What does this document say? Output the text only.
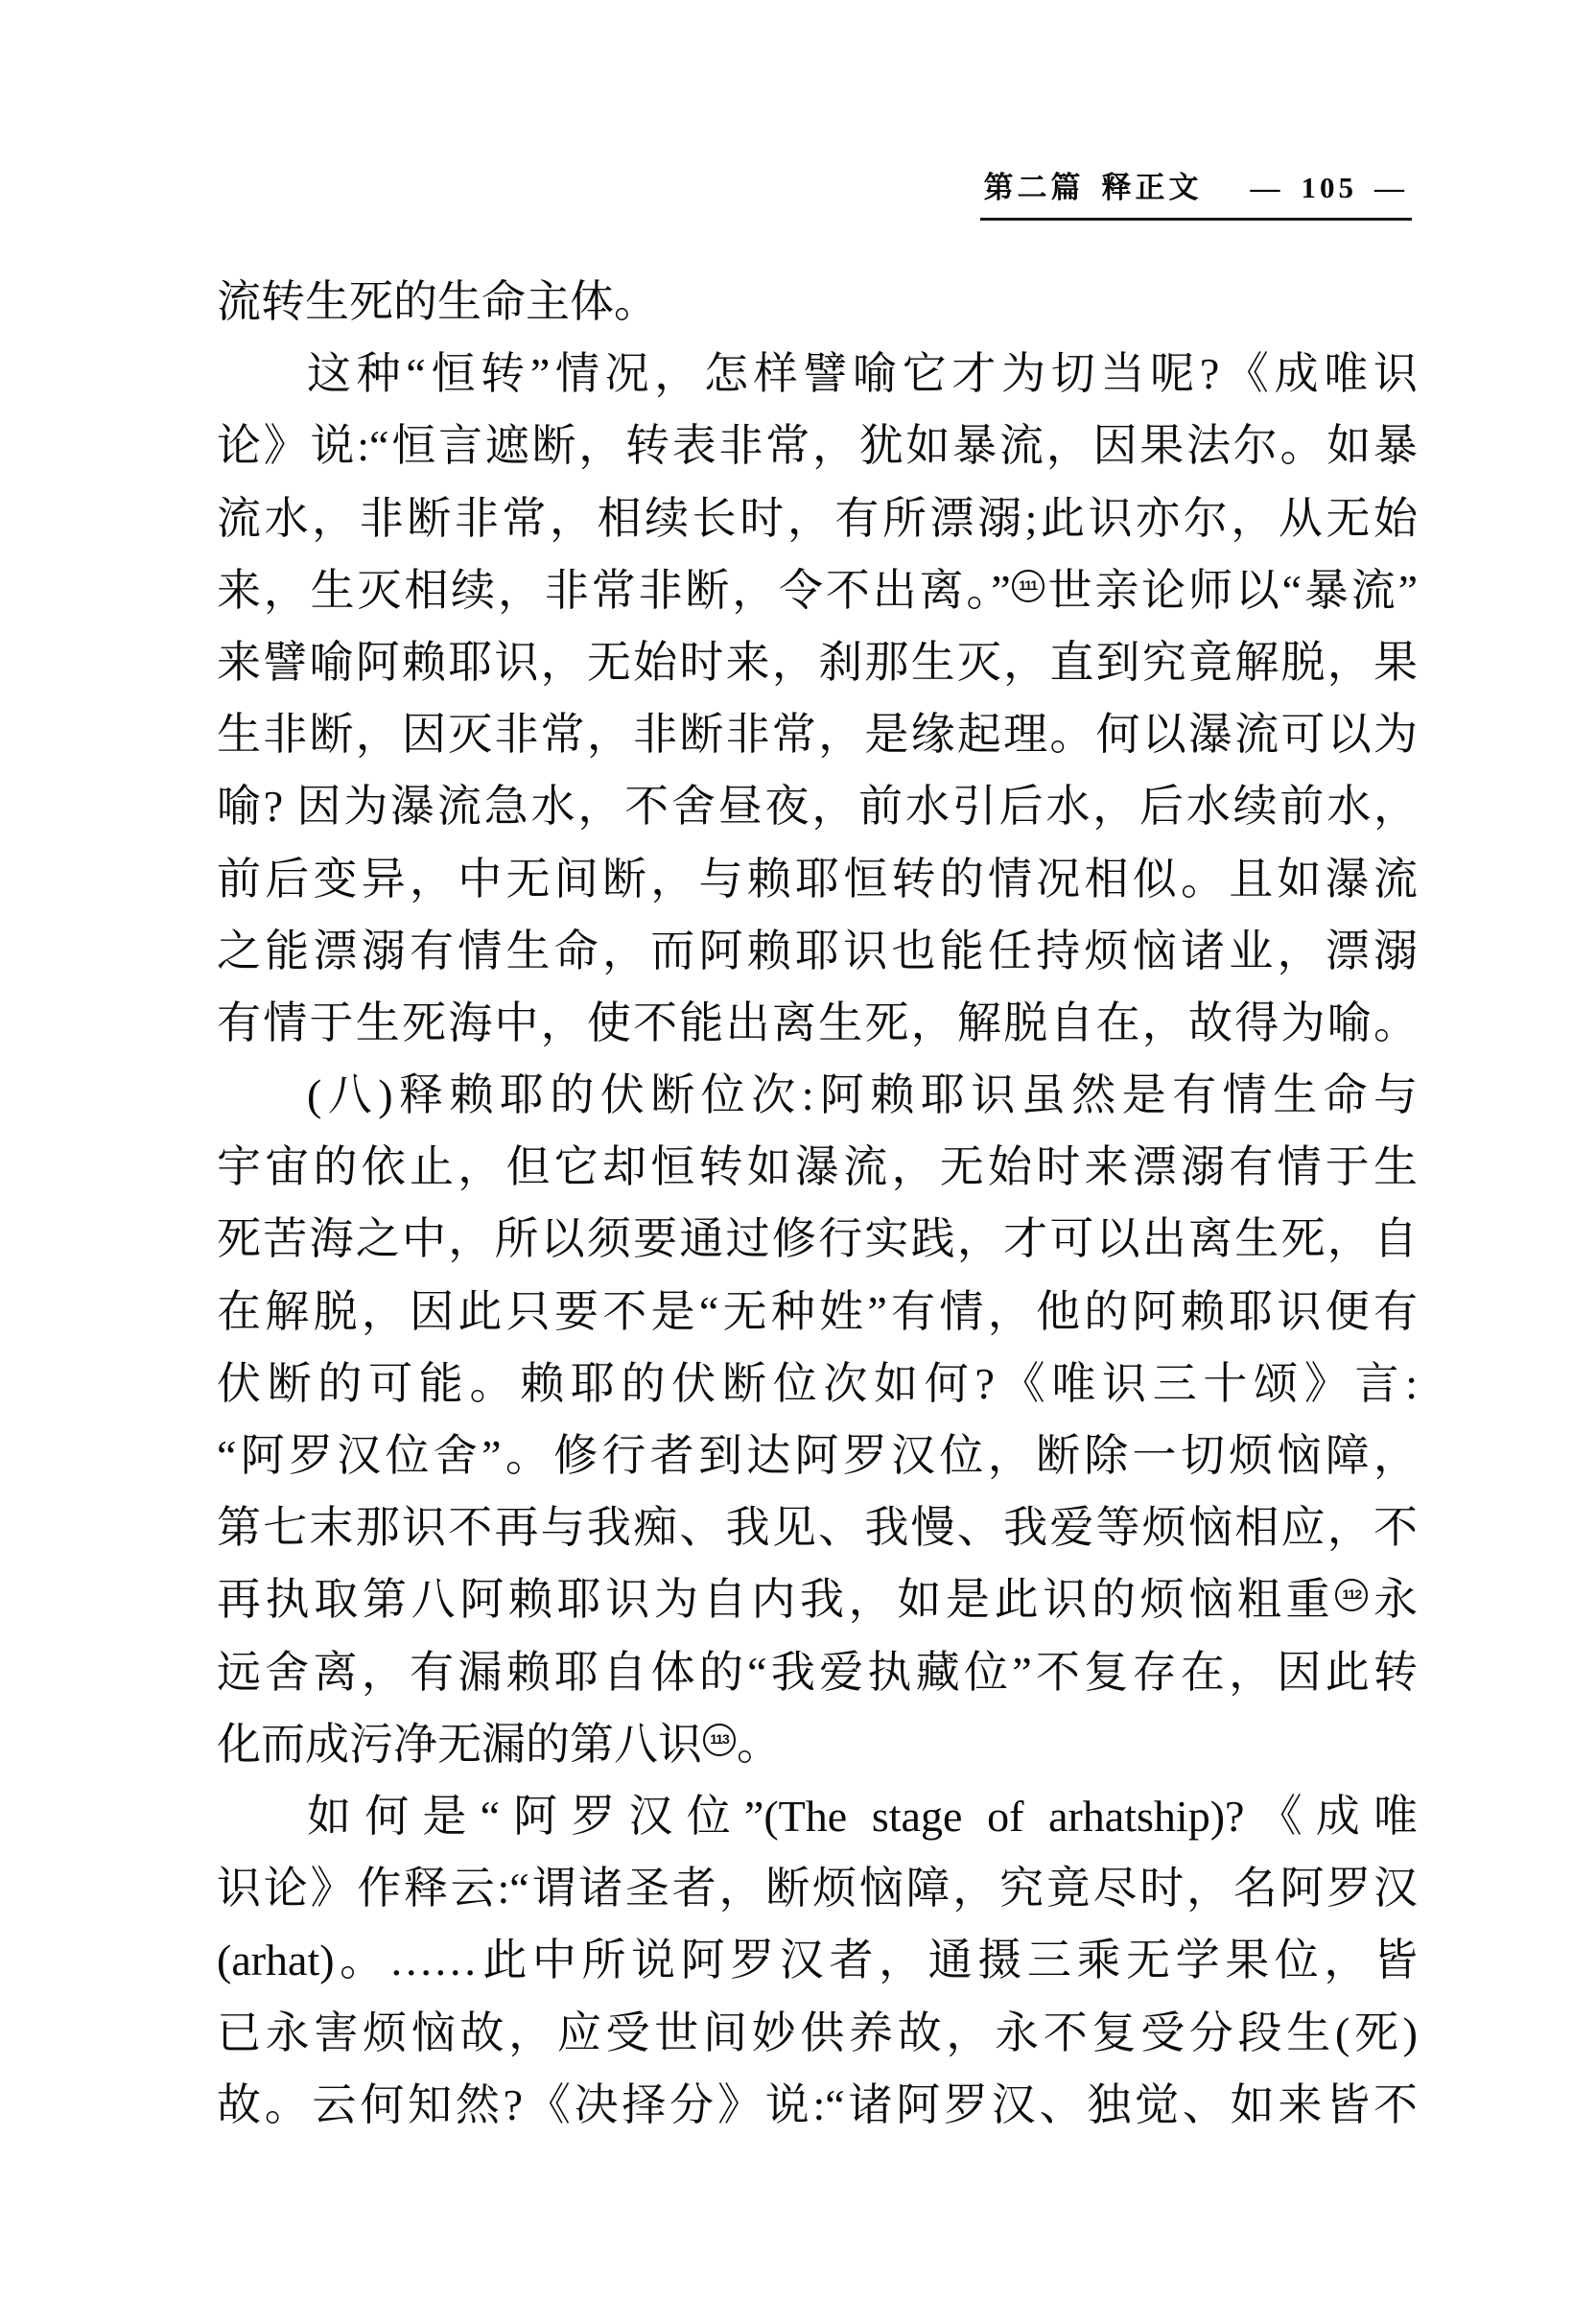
第二篇 释正文 — 105 —
流转生死的生命主体。
这种“恒转”情况，怎样譬喻它才为切当呢?《成唯识
论》说:“恒言遮断，转表非常，犹如暴流，因果法尔。如暴
流水，非断非常，相续长时，有所漂溺;此识亦尔，从无始
来，生灭相续，非常非断，令不出离。” 111 世亲论师以“暴流”
来譬喻阿赖耶识，无始时来，刹那生灭，直到究竟解脱，果
生非断，因灭非常，非断非常，是缘起理。何以瀑流可以为
喻? 因为瀑流急水，不舍昼夜，前水引后水，后水续前水，
前后变异，中无间断，与赖耶恒转的情况相似。且如瀑流
之能漂溺有情生命，而阿赖耶识也能任持烦恼诸业，漂溺
有情于生死海中，使不能出离生死，解脱自在，故得为喻。
(八)释赖耶的伏断位次:阿赖耶识虽然是有情生命与
宇宙的依止，但它却恒转如瀑流，无始时来漂溺有情于生
死苦海之中，所以须要通过修行实践，才可以出离生死，自
在解脱，因此只要不是“无种姓”有情，他的阿赖耶识便有
伏断的可能。赖耶的伏断位次如何?《唯识三十颂》言:
“阿罗汉位舍”。修行者到达阿罗汉位，断除一切烦恼障，
第七末那识不再与我痴、我见、我慢、我爱等烦恼相应，不
再执取第八阿赖耶识为自内我，如是此识的烦恼粗重 112 永
远舍离，有漏赖耶自体的“我爱执藏位”不复存在，因此转
化而成污净无漏的第八识 113 。
如何是“阿罗汉位”(The stage of arhatship)?《成唯
识论》作释云:“谓诸圣者，断烦恼障，究竟尽时，名阿罗汉
(arhat)。……此中所说阿罗汉者，通摄三乘无学果位，皆
已永害烦恼故，应受世间妙供养故，永不复受分段生(死)
故。云何知然?《决择分》说:“诸阿罗汉、独觉、如来皆不
